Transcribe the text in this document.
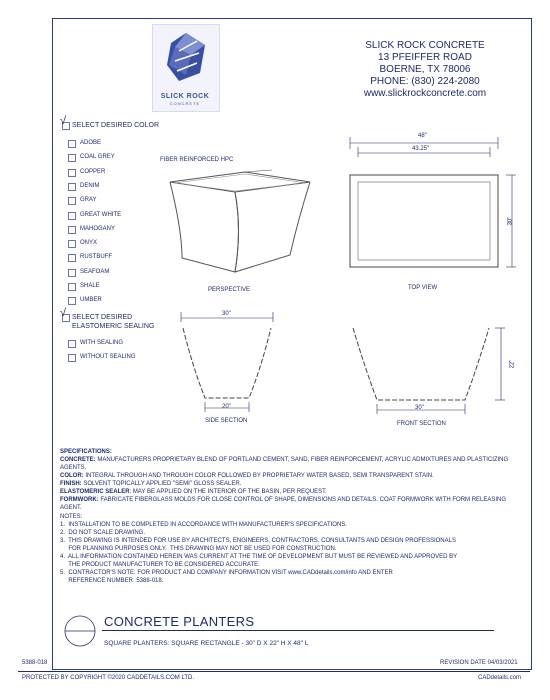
SLICK ROCK
CONCRETE
SLICK ROCK CONCRETE
13 PFEIFFER ROAD
BOERNE, TX 78006
PHONE: (830) 224-2080
www.slickrockconcrete.com
√ SELECT DESIRED COLOR
ADOBE
COAL GREY
COPPER
DENIM
GRAY
GREAT WHITE
MAHOGANY
ONYX
RUSTBUFF
SEAFOAM
SHALE
UMBER
√ SELECT DESIRED
ELASTOMERIC SEALING
WITH SEALING
WITHOUT SEALING
FIBER REINFORCED HPC
PERSPECTIVE
48"
43.25"
30"
TOP VIEW
30"
20"
SIDE SECTION
22"
30"
FRONT SECTION
SPECIFICATIONS:
CONCRETE: MANUFACTURERS PROPRIETARY BLEND OF PORTLAND CEMENT, SAND, FIBER REINFORCEMENT, ACRYLIC ADMIXTURES AND PLASTICIZING AGENTS.
COLOR: INTEGRAL THROUGH AND THROUGH COLOR FOLLOWED BY PROPRIETARY WATER BASED, SEMI TRANSPARENT STAIN.
FINISH: SOLVENT TOPICALLY APPLIED "SEMI" GLOSS SEALER.
ELASTOMERIC SEALER: MAY BE APPLIED ON THE INTERIOR OF THE BASIN, PER REQUEST.
FORMWORK: FABRICATE FIBERGLASS MOLDS FOR CLOSE CONTROL OF SHAPE, DIMENSIONS AND DETAILS. COAT FORMWORK WITH FORM RELEASING AGENT.
NOTES:
1.  INSTALLATION TO BE COMPLETED IN ACCORDANCE WITH MANUFACTURER'S SPECIFICATIONS.
2.  DO NOT SCALE DRAWING.
3.  THIS DRAWING IS INTENDED FOR USE BY ARCHITECTS, ENGINEERS, CONTRACTORS, CONSULTANTS AND DESIGN PROFESSIONALS
FOR PLANNING PURPOSES ONLY.  THIS DRAWING MAY NOT BE USED FOR CONSTRUCTION.
4.  ALL INFORMATION CONTAINED HEREIN WAS CURRENT AT THE TIME OF DEVELOPMENT BUT MUST BE REVIEWED AND APPROVED BY
THE PRODUCT MANUFACTURER TO BE CONSIDERED ACCURATE.
5.  CONTRACTOR'S NOTE: FOR PRODUCT AND COMPANY INFORMATION VISIT www.CADdetails.com/info AND ENTER
REFERENCE NUMBER  5388-018.
CONCRETE PLANTERS
SQUARE PLANTERS: SQUARE RECTANGLE - 30" D X 22" H X 48" L
5388-018	REVISION DATE 04/03/2021
PROTECTED BY COPYRIGHT ©2020 CADDETAILS.COM LTD.	CADdetails.com
